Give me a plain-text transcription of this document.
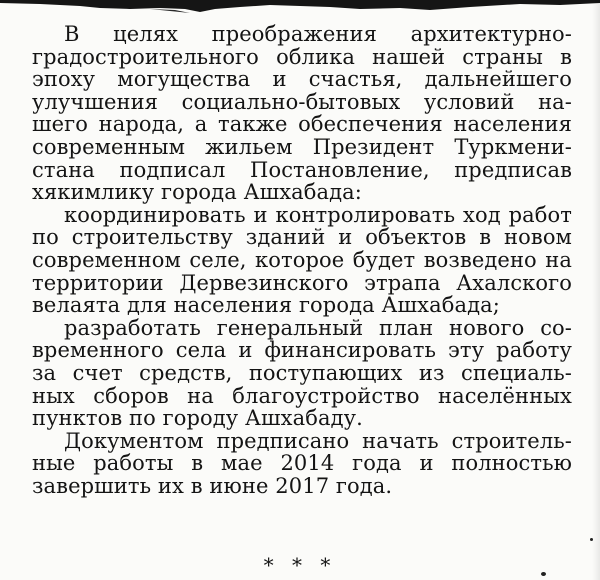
В целях преображения архитектурно-
градостроительного облика нашей страны в
эпоху могущества и счастья, дальнейшего
улучшения социально-бытовых условий на-
шего народа, а также обеспечения населения
современным жильем Президент Туркмени-
стана подписал Постановление, предписав
хякимлику города Ашхабада:
координировать и контролировать ход работ
по строительству зданий и объектов в новом
современном селе, которое будет возведено на
территории Дервезинского этрапа Ахалского
велаята для населения города Ашхабада;
разработать генеральный план нового со-
временного села и финансировать эту работу
за счет средств, поступающих из специаль-
ных сборов на благоустройство населённых
пунктов по городу Ашхабаду.
Документом предписано начать строитель-
ные работы в мае 2014 года и полностью
завершить их в июне 2017 года.
* * *
